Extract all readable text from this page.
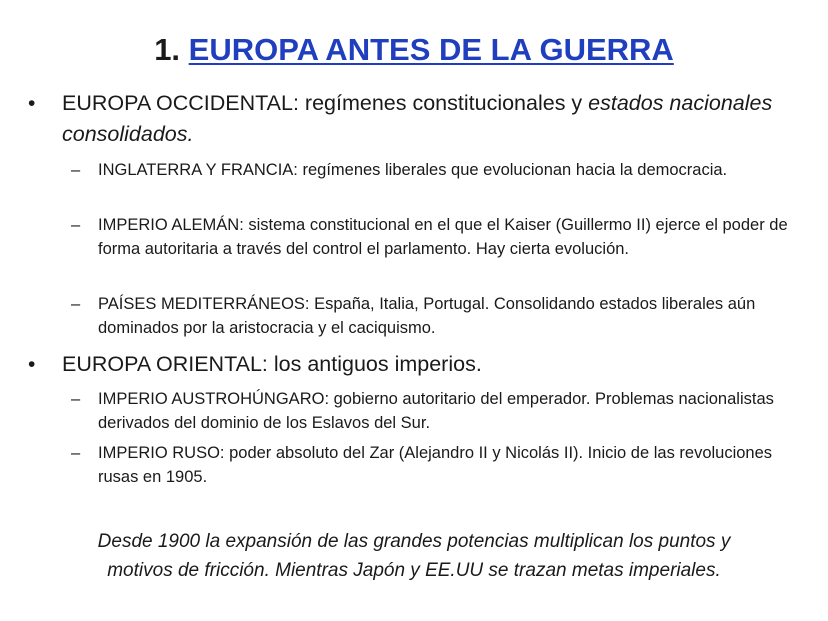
1. EUROPA ANTES DE LA GUERRA
• EUROPA OCCIDENTAL: regímenes constitucionales y estados nacionales consolidados.
– INGLATERRA Y FRANCIA: regímenes liberales que evolucionan hacia la democracia.
– IMPERIO ALEMÁN: sistema constitucional en el que el Kaiser (Guillermo II) ejerce el poder de forma autoritaria a través del control el parlamento. Hay cierta evolución.
– PAÍSES MEDITERRÁNEOS: España, Italia, Portugal. Consolidando estados liberales aún dominados por la aristocracia y el caciquismo.
• EUROPA ORIENTAL: los antiguos imperios.
– IMPERIO AUSTROHÚNGARO: gobierno autoritario del emperador. Problemas nacionalistas derivados del dominio de los Eslavos del Sur.
– IMPERIO RUSO: poder absoluto del Zar (Alejandro II y Nicolás II). Inicio de las revoluciones rusas en 1905.
Desde 1900 la expansión de las grandes potencias multiplican los puntos y
motivos de fricción. Mientras Japón y EE.UU se trazan metas imperiales.
